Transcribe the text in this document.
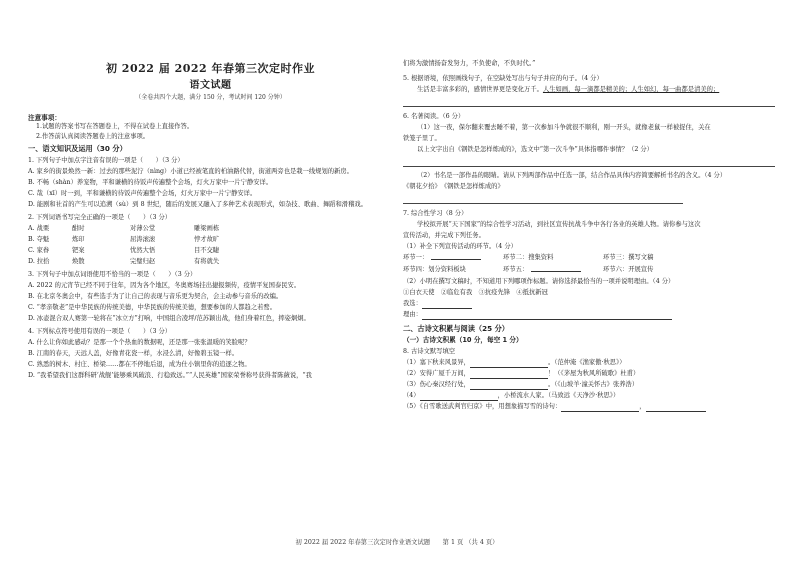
初 2022 届 2022 年春第三次定时作业
语文试题
（全卷共四个大题，满分 150 分，考试时间 120 分钟）
注意事项：
1.试题的答案书写在答题卷上，不得在试卷上直接作答。
2.作答前认真阅读答题卷上的注意事项。
一、语文知识及运用（30 分）
1. 下列句子中加点字注音有误的一项是（　　）（3 分）
A. 家乡的街景焕然一新：过去的那些泥泞（nìng）小道已经被笔直的柏油路代替，街道两旁也是栽一线规划的新房。
B. 不畅（shàn）养宠物，平和谦横的待饭声传遍整个会场，灯火万家中一片宁静安详。
C. 哉（xī）时一到，平和谦横的待饭声传遍整个会场，灯火万家中一片宁静安详。
D. 能剧和社首的产生可以追溯（sù）到 8 世纪，随后的发展又融入了多种艺术表现形式，如杂技、歌曲、舞蹈和滑稽戏。
2. 下列词语书写完全正确的一项是（　　）（3 分）
A. 战栗	酣时	对薄公堂	雕梁画栋
B. 夺魁	炼印	屈涛滚滚	悖才故旷
C. 家眷	钯案	忧然大悟	目不交睫
D. 拉拾	焕散	完璧归赵	有将就失
3. 下列句子中加点词语使用不恰当的一项是（　　）（3 分）
A. 2022 的元宵节已经不同于往年，因为各个地区，冬奥赛场挂出捷报频传，疫情平复国泰民安。
B. 在北京冬奥会中，有些选手为了让自己的表现与音乐更为契合，会主动参与音乐的改编。
C. “孝亲敬老”是中华民族的传统美德，中华民族的传统美德，想要参加的人都趋之若鹜。
D. 冰壶混合双人赛第一轮将在“冰立方”打响，中国组合凌坪/范苏颖出战，他们身着红色，摔姿炯炯。
4. 下列标点符号使用有误的一项是（　　）（3 分）
A. 什么让你如此感动？是那一个个热血的数据呢，还是那一张张温暖的笑脸呢？
B. 江南的春天，天远人盖，好像青花瓷一样，水浸么清，好像碧玉镜一样。
C. 熟悉的树木、村庄、桥梁……都在不停地后退，成为仕小镇里你的追逐之物。
D. “我希望我们这群科研‘战舰’能够乘风破浪、行稳致远。”“人民英雄”国家荣誉称号获得者陈薇说，“我
们将为激情扬奋发努力，不负使命，不负时代。”
5. 根据语境，依照画线句子，在空缺处写出与句子并应的句子。（4 分）
生活是丰富多彩的，感情世界更是变化万千。人生如画，每一滴都是精美的；人生如幻，每一曲都是清美的；
6. 名著阅读。（6 分）
（1）这一夜，保尔翻来覆去睡不着，第一次参加斗争就很不顺利，刚一开头，就像老鼠一样被捉住，关在
铁笼子里了。
以上文字出自《钢铁是怎样炼成的》，选文中“第一次斗争”具体指哪件事情？（2 分）
（2）书名是一部作品的眼睛。请从下列两部作品中任选一部，结合作品具体内容简要解析书名的含义。（4 分）
《朝花夕拾》　《钢铁是怎样炼成的》
7. 综合性学习（8 分）
学校拟开展“天下国家”的综合性学习活动，到社区宣传抗战斗争中各行各业的英雄人物。请你参与这次
宣传活动，并完成下列任务。
（1）补全下列宣传活动的环节。（4 分）
环节一：	环节二：搜集资料	环节三：撰写文稿
环节四：划分资料板块	环节五：	环节六：开展宣传
（2）小明在撰写文稿时，不知道用下列哪项作标题。请你选择最恰当的一项并说明理由。（4 分）
①白衣天使　②临危有我　③抗疫先锋　④抵抗新冠
我选：
理由：
二、古诗文积累与阅读（25 分）
（一）古诗文积累（10 分，每空 1 分）
8. 古诗文默写填空
（1）塞下秋来风景异，	。（范仲淹《渔家傲·秋思》）
（2）安得广厦千万间，	！（《茅屋为秋风所破歌》杜甫）
（3）伤心秦汉经行处，	。（《山坡羊·潼关怀古》张养浩）
（4）	，小桥流水人家。（马致远《天净沙·秋思》）
（5）《自雪歌送武判官归京》中，用想象描写雪的诗句：	，
初 2022 届 2022 年春第三次定时作业语文试题　　第 1 页 （共 4 页）
